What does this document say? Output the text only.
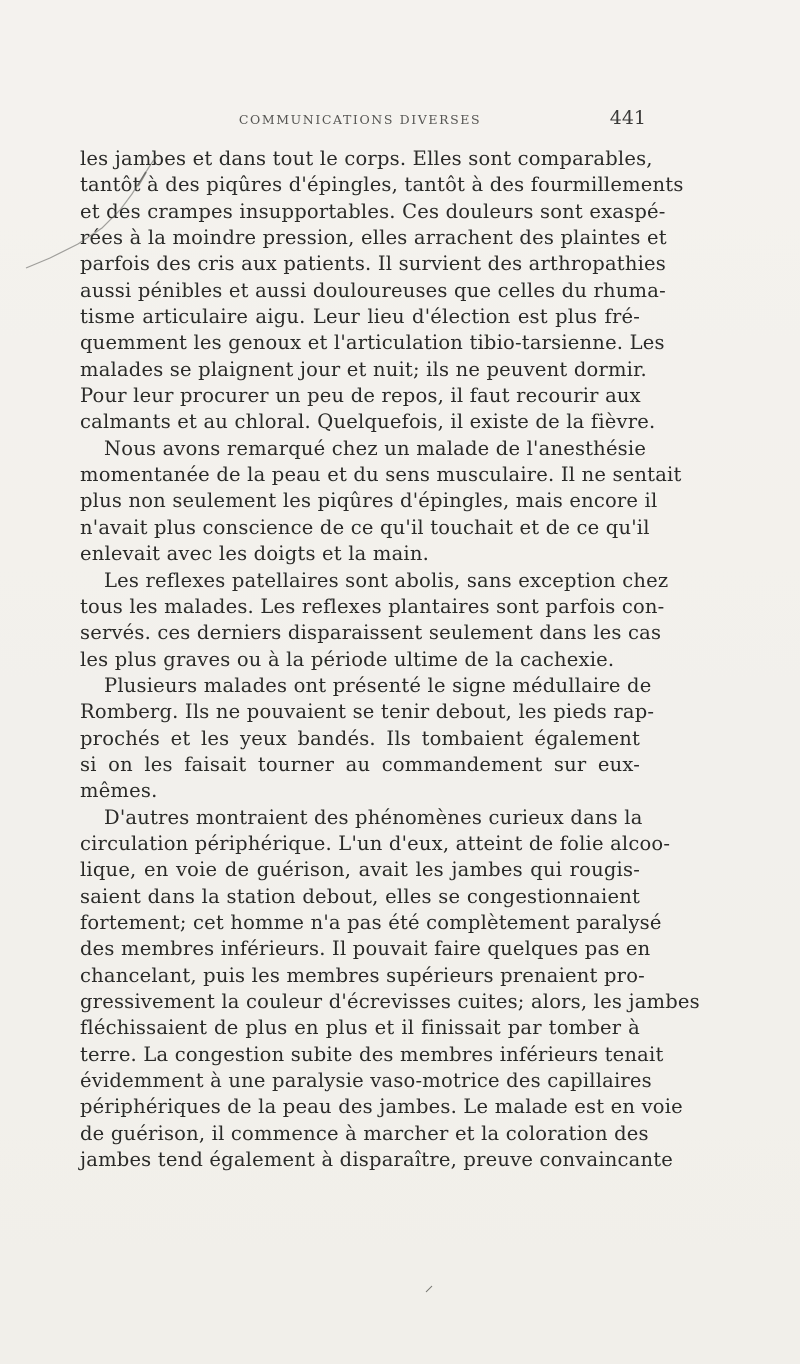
COMMUNICATIONS DIVERSES	441
les jambes et dans tout le corps. Elles sont comparables,
tantôt à des piqûres d'épingles, tantôt à des fourmillements
et des crampes insupportables. Ces douleurs sont exaspé-
rées à la moindre pression, elles arrachent des plaintes et
parfois des cris aux patients. Il survient des arthropathies
aussi pénibles et aussi douloureuses que celles du rhuma-
tisme articulaire aigu. Leur lieu d'élection est plus fré-
quemment les genoux et l'articulation tibio-tarsienne. Les
malades se plaignent jour et nuit; ils ne peuvent dormir.
Pour leur procurer un peu de repos, il faut recourir aux
calmants et au chloral. Quelquefois, il existe de la fièvre.
Nous avons remarqué chez un malade de l'anesthésie
momentanée de la peau et du sens musculaire. Il ne sentait
plus non seulement les piqûres d'épingles, mais encore il
n'avait plus conscience de ce qu'il touchait et de ce qu'il
enlevait avec les doigts et la main.
Les reflexes patellaires sont abolis, sans exception chez
tous les malades. Les reflexes plantaires sont parfois con-
servés. ces derniers disparaissent seulement dans les cas
les plus graves ou à la période ultime de la cachexie.
Plusieurs malades ont présenté le signe médullaire de
Romberg. Ils ne pouvaient se tenir debout, les pieds rap-
prochés et les yeux bandés. Ils tombaient également
si on les faisait tourner au commandement sur eux-
mêmes.
D'autres montraient des phénomènes curieux dans la
circulation périphérique. L'un d'eux, atteint de folie alcoo-
lique, en voie de guérison, avait les jambes qui rougis-
saient dans la station debout, elles se congestionnaient
fortement; cet homme n'a pas été complètement paralysé
des membres inférieurs. Il pouvait faire quelques pas en
chancelant, puis les membres supérieurs prenaient pro-
gressivement la couleur d'écrevisses cuites; alors, les jambes
fléchissaient de plus en plus et il finissait par tomber à
terre. La congestion subite des membres inférieurs tenait
évidemment à une paralysie vaso-motrice des capillaires
périphériques de la peau des jambes. Le malade est en voie
de guérison, il commence à marcher et la coloration des
jambes tend également à disparaître, preuve convaincante
